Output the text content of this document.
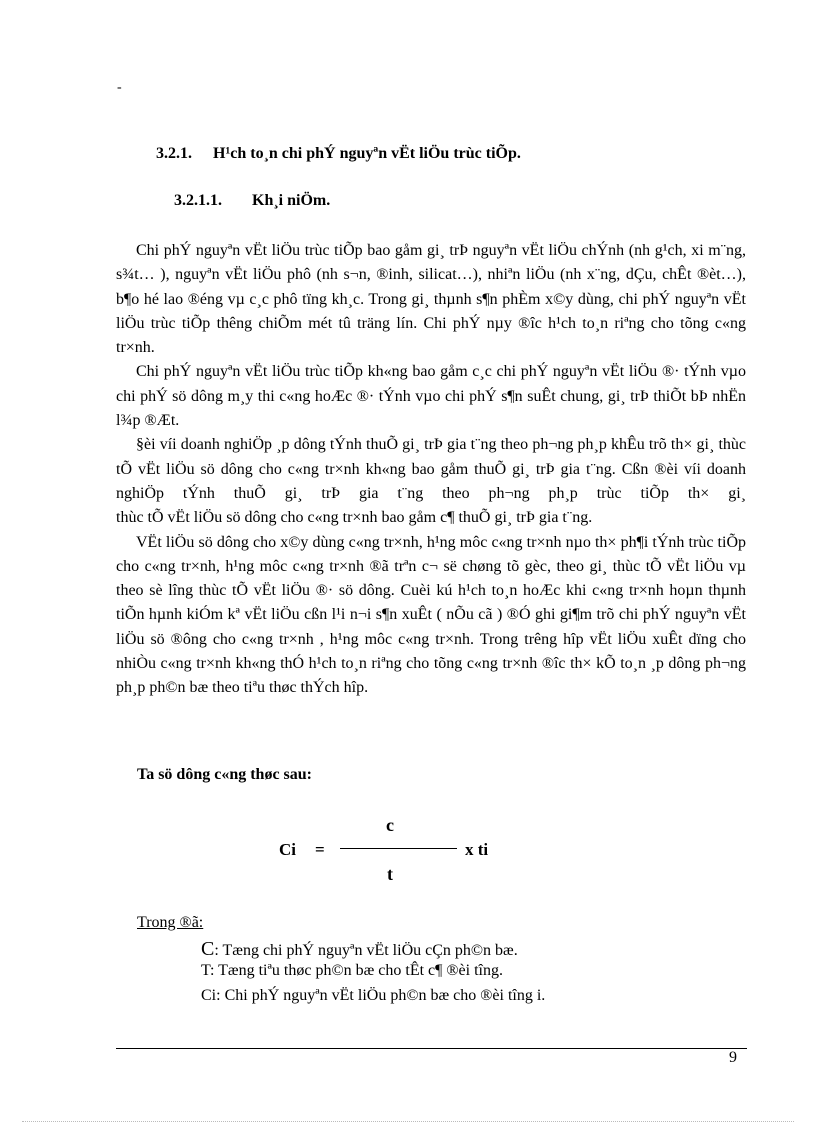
-
3.2.1. H¹ch to¸n chi phÝ nguyªn vËt liÖu trùc tiÕp.
3.2.1.1. Kh¸i niÖm.

Chi phÝ nguyªn vËt liÖu trùc tiÕp bao gåm gi¸ trÞ nguyªn vËt liÖu chÝnh (nh g¹ch, xi m¨ng, s¾t… ), nguyªn vËt liÖu phô (nh s¬n, ®inh, silicat…), nhiªn liÖu (nh x¨ng, dÇu, chÊt ®èt…), b¶o hé lao ®éng vµ c¸c phô tïng kh¸c. Trong gi¸ thµnh s¶n phÈm x©y dùng, chi phÝ nguyªn vËt liÖu trùc tiÕp thêng chiÕm mét tû träng lín. Chi phÝ nµy ®îc h¹ch to¸n riªng cho tõng c«ng tr×nh.

Chi phÝ nguyªn vËt liÖu trùc tiÕp kh«ng bao gåm c¸c chi phÝ nguyªn vËt liÖu ®· tÝnh vµo chi phÝ sö dông m¸y thi c«ng hoÆc ®· tÝnh vµo chi phÝ s¶n suÊt chung, gi¸ trÞ thiÕt bÞ nhËn l¾p ®Æt.

§èi víi doanh nghiÖp ¸p dông tÝnh thuÕ gi¸ trÞ gia t¨ng theo ph¬ng ph¸p khÊu trõ th× gi¸ thùc tÕ vËt liÖu sö dông cho c«ng tr×nh kh«ng bao gåm thuÕ gi¸ trÞ gia t¨ng. Cßn ®èi víi doanh nghiÖp tÝnh thuÕ gi¸ trÞ gia t¨ng theo ph¬ng ph¸p trùc tiÕp th× gi¸

thùc tÕ vËt liÖu sö dông cho c«ng tr×nh bao gåm c¶ thuÕ gi¸ trÞ gia t¨ng.

VËt liÖu sö dông cho x©y dùng c«ng tr×nh, h¹ng môc c«ng tr×nh nµo th× ph¶i tÝnh trùc tiÕp cho c«ng tr×nh, h¹ng môc c«ng tr×nh ®ã trªn c¬ së chøng tõ gèc, theo gi¸ thùc tÕ vËt liÖu vµ theo sè lîng thùc tÕ vËt liÖu ®· sö dông. Cuèi kú h¹ch to¸n hoÆc khi c«ng tr×nh hoµn thµnh tiÕn hµnh kiÓm kª vËt liÖu cßn l¹i n¬i s¶n xuÊt ( nÕu cã ) ®Ó ghi gi¶m trõ chi phÝ nguyªn vËt liÖu sö ®ông cho c«ng tr×nh , h¹ng môc c«ng tr×nh. Trong trêng hîp vËt liÖu xuÊt dïng cho nhiÒu c«ng tr×nh kh«ng thÓ h¹ch to¸n riªng cho tõng c«ng tr×nh ®îc th× kÕ to¸n ¸p dông ph¬ng ph¸p ph©n bæ theo tiªu thøc thÝch hîp.

Ta sö dông c«ng thøc sau:
c
Ci =	x ti
t
Trong ®ã:
C: Tæng chi phÝ nguyªn vËt liÖu cÇn ph©n bæ.
T: Tæng tiªu thøc ph©n bæ cho tÊt c¶ ®èi tîng.
Ci: Chi phÝ nguyªn vËt liÖu ph©n bæ cho ®èi tîng i.
9
